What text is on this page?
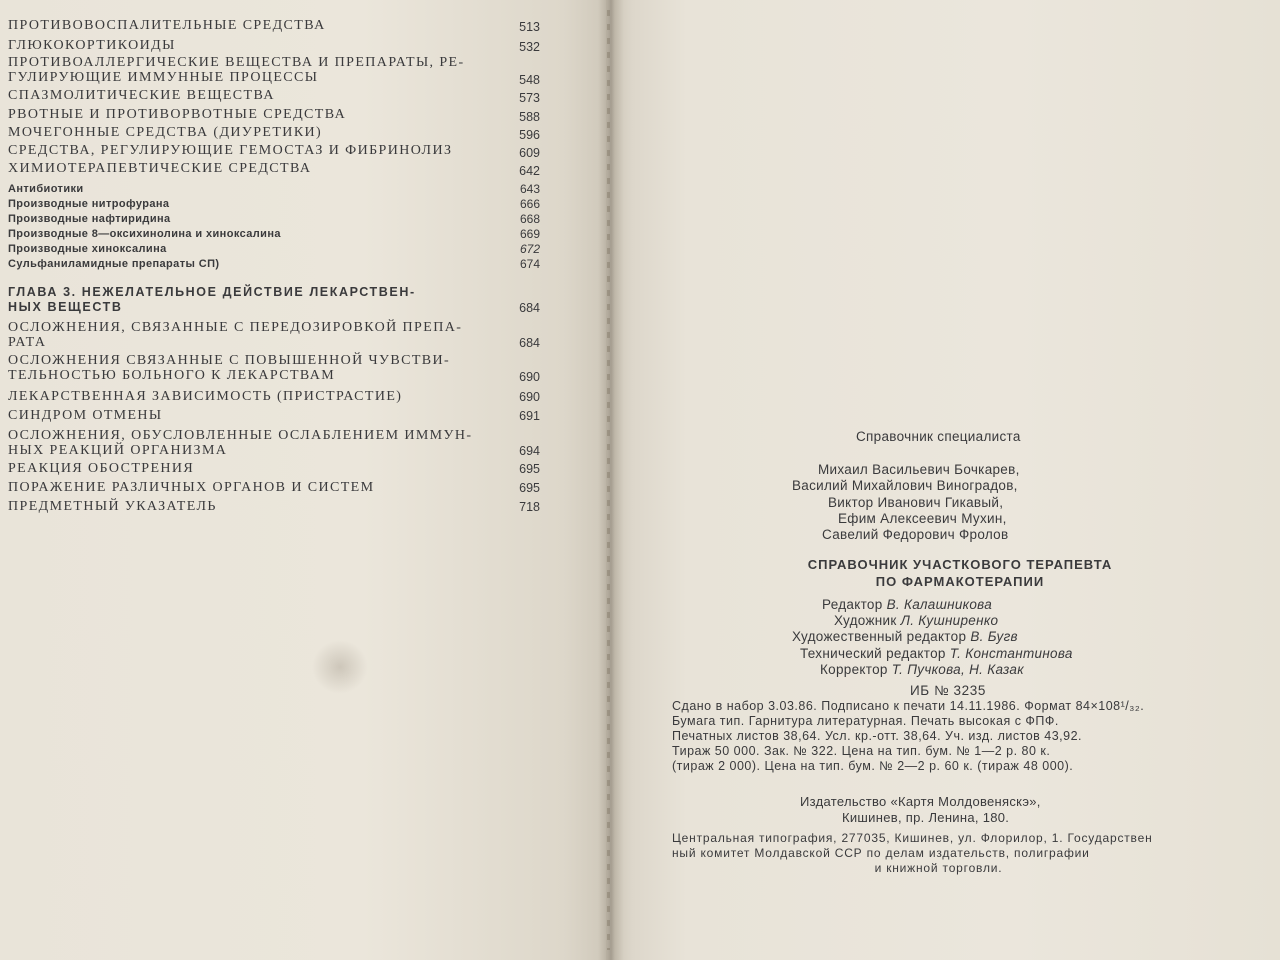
ПРОТИВОВОСПАЛИТЕЛЬНЫЕ СРЕДСТВА	513
ГЛЮКОКОРТИКОИДЫ	532
ПРОТИВОАЛЛЕРГИЧЕСКИЕ ВЕЩЕСТВА И ПРЕПАРАТЫ, РЕ-
ГУЛИРУЮЩИЕ ИММУННЫЕ ПРОЦЕССЫ	548
СПАЗМОЛИТИЧЕСКИЕ ВЕЩЕСТВА	573
РВОТНЫЕ И ПРОТИВОРВОТНЫЕ СРЕДСТВА	588
МОЧЕГОННЫЕ СРЕДСТВА (ДИУРЕТИКИ)	596
СРЕДСТВА, РЕГУЛИРУЮЩИЕ ГЕМОСТАЗ И ФИБРИНОЛИЗ	609
ХИМИОТЕРАПЕВТИЧЕСКИЕ СРЕДСТВА	642
Антибиотики	643
Производные нитрофурана	666
Производные нафтиридина	668
Производные 8—оксихинолина и хиноксалина	669
Производные хиноксалина	672
Сульфаниламидные препараты СП)	674
ГЛАВА 3. НЕЖЕЛАТЕЛЬНОЕ ДЕЙСТВИЕ ЛЕКАРСТВЕН-
НЫХ ВЕЩЕСТВ	684
ОСЛОЖНЕНИЯ, СВЯЗАННЫЕ С ПЕРЕДОЗИРОВКОЙ ПРЕПА-
РАТА	684
ОСЛОЖНЕНИЯ СВЯЗАННЫЕ С ПОВЫШЕННОЙ ЧУВСТВИ-
ТЕЛЬНОСТЬЮ БОЛЬНОГО К ЛЕКАРСТВАМ	690
ЛЕКАРСТВЕННАЯ ЗАВИСИМОСТЬ (ПРИСТРАСТИЕ)	690
СИНДРОМ ОТМЕНЫ	691
ОСЛОЖНЕНИЯ, ОБУСЛОВЛЕННЫЕ ОСЛАБЛЕНИЕМ ИММУН-
НЫХ РЕАКЦИЙ ОРГАНИЗМА	694
РЕАКЦИЯ ОБОСТРЕНИЯ	695
ПОРАЖЕНИЕ РАЗЛИЧНЫХ ОРГАНОВ И СИСТЕМ	695
ПРЕДМЕТНЫЙ УКАЗАТЕЛЬ	718
Справочник специалиста
Михаил Васильевич Бочкарев,
Василий Михайлович Виноградов,
Виктор Иванович Гикавый,
Ефим Алексеевич Мухин,
Савелий Федорович Фролов
СПРАВОЧНИК УЧАСТКОВОГО ТЕРАПЕВТА
ПО ФАРМАКОТЕРАПИИ
Редактор В. Калашникова
Художник Л. Кушниренко
Художественный редактор В. Бугв
Технический редактор Т. Константинова
Корректор Т. Пучкова, Н. Казак
ИБ № 3235
Сдано в набор 3.03.86. Подписано к печати 14.11.1986. Формат 84×108¹/₃₂.
Бумага тип. Гарнитура литературная. Печать высокая с ФПФ.
Печатных листов 38,64. Усл. кр.-отт. 38,64. Уч. изд. листов 43,92.
Тираж 50 000. Зак. № 322. Цена на тип. бум. № 1—2 р. 80 к.
(тираж 2 000). Цена на тип. бум. № 2—2 р. 60 к. (тираж 48 000).
Издательство «Картя Молдовеняскэ»,
Кишинев, пр. Ленина, 180.
Центральная типография, 277035, Кишинев, ул. Флорилор, 1. Государствен
ный комитет Молдавской ССР по делам издательств, полиграфии
и книжной торговли.
